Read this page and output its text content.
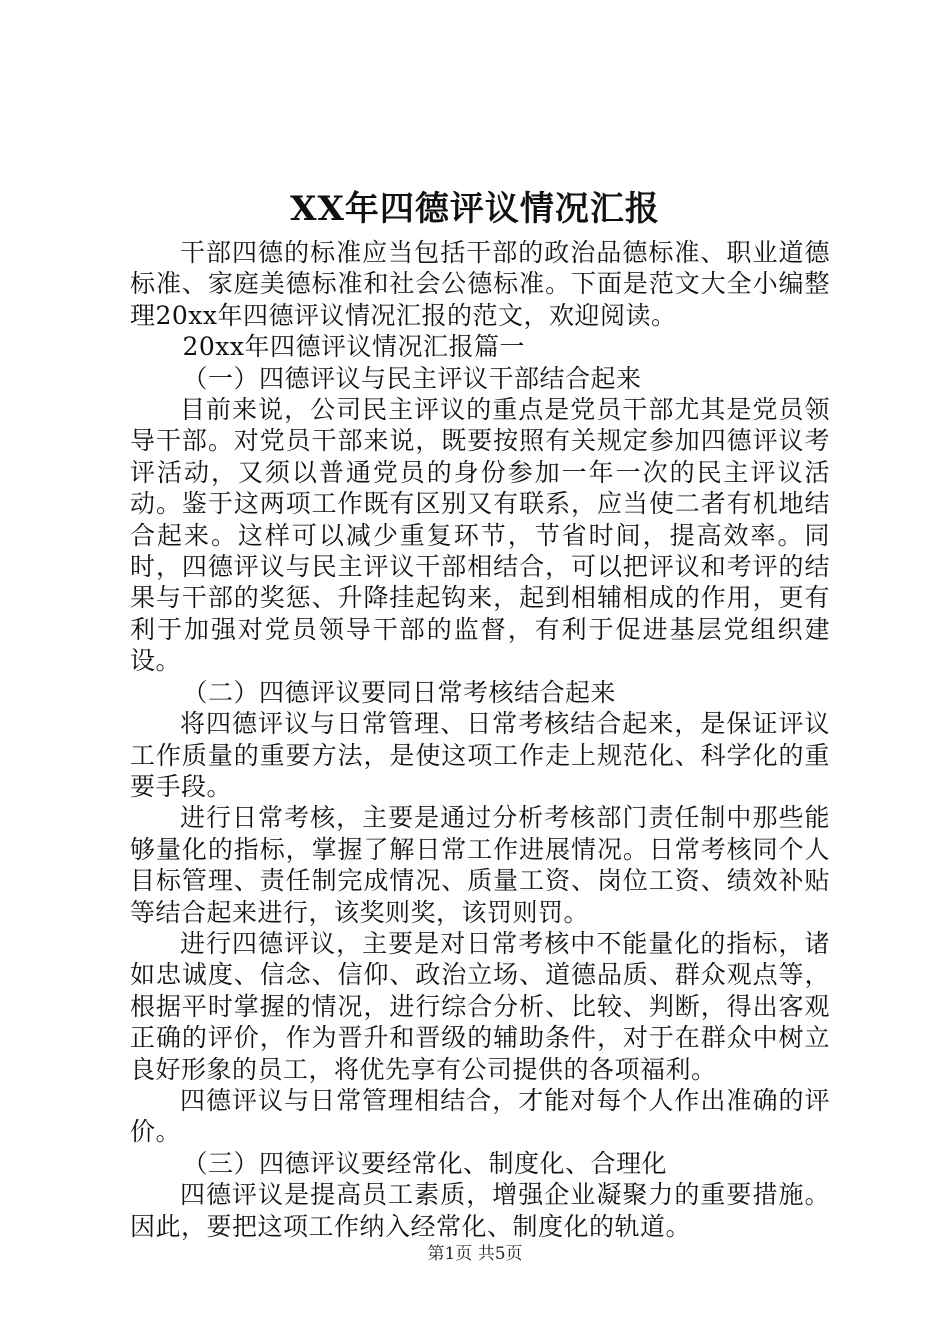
XX年四德评议情况汇报

干部四德的标准应当包括干部的政治品德标准、职业道德标准、家庭美德标准和社会公德标准。下面是范文大全小编整理20xx年四德评议情况汇报的范文，欢迎阅读。

20xx年四德评议情况汇报篇一

（一）四德评议与民主评议干部结合起来

目前来说，公司民主评议的重点是党员干部尤其是党员领导干部。对党员干部来说，既要按照有关规定参加四德评议考评活动，又须以普通党员的身份参加一年一次的民主评议活动。鉴于这两项工作既有区别又有联系，应当使二者有机地结合起来。这样可以减少重复环节，节省时间，提高效率。同时，四德评议与民主评议干部相结合，可以把评议和考评的结果与干部的奖惩、升降挂起钩来，起到相辅相成的作用，更有利于加强对党员领导干部的监督，有利于促进基层党组织建设。

（二）四德评议要同日常考核结合起来

将四德评议与日常管理、日常考核结合起来，是保证评议工作质量的重要方法，是使这项工作走上规范化、科学化的重要手段。

进行日常考核，主要是通过分析考核部门责任制中那些能够量化的指标，掌握了解日常工作进展情况。日常考核同个人目标管理、责任制完成情况、质量工资、岗位工资、绩效补贴等结合起来进行，该奖则奖，该罚则罚。

进行四德评议，主要是对日常考核中不能量化的指标，诸如忠诚度、信念、信仰、政治立场、道德品质、群众观点等，根据平时掌握的情况，进行综合分析、比较、判断，得出客观正确的评价，作为晋升和晋级的辅助条件，对于在群众中树立良好形象的员工，将优先享有公司提供的各项福利。

四德评议与日常管理相结合，才能对每个人作出准确的评价。

（三）四德评议要经常化、制度化、合理化

四德评议是提高员工素质，增强企业凝聚力的重要措施。因此，要把这项工作纳入经常化、制度化的轨道。

第1页 共5页
